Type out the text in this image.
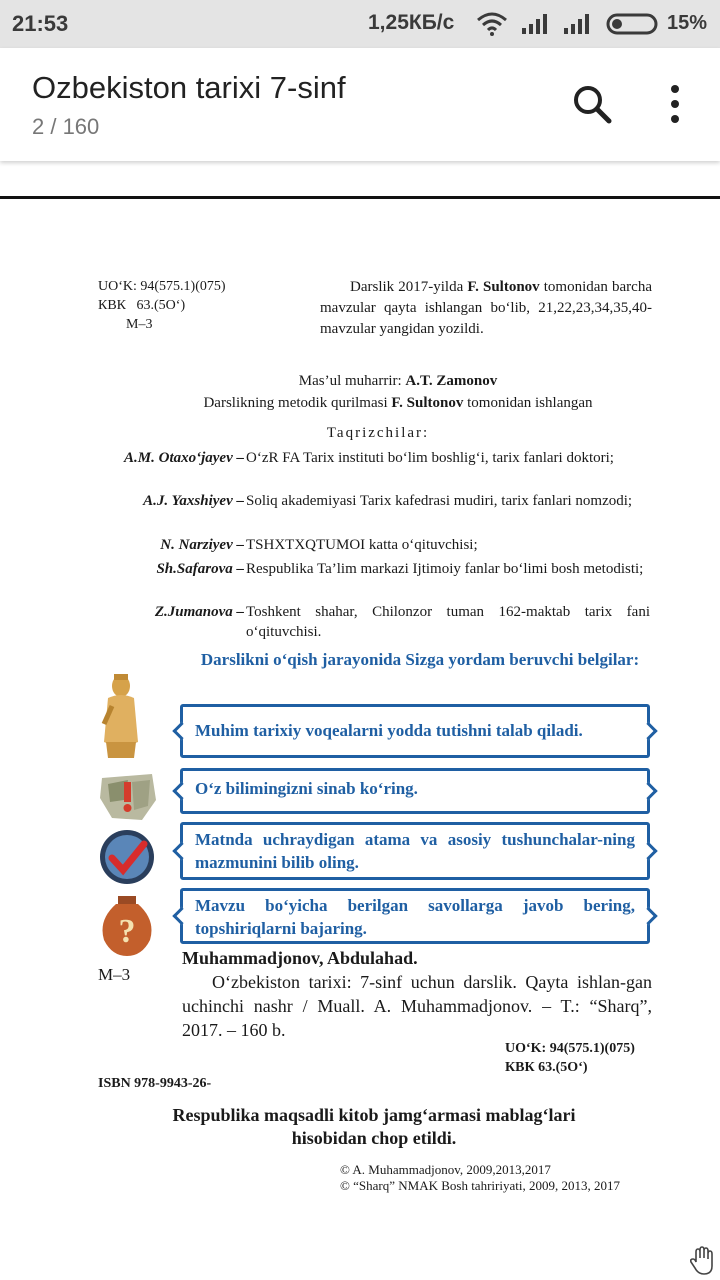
21:53	1,25КБ/с	15%
Ozbekiston tarixi 7-sinf
2 / 160
UO‘K: 94(575.1)(075)
КВК   63.(5O‘)
M–3
Darslik 2017-yilda F. Sultonov tomonidan barcha mavzular qayta ishlangan bo‘lib, 21,22,23,34,35,40-mavzular yangidan yozildi.
Mas’ul muharrir: A.T. Zamonov
Darslikning metodik qurilmasi F. Sultonov tomonidan ishlangan
Taqrizchilar:
A.M. Otaxo‘jayev – O‘zR FA Tarix instituti bo‘lim boshlig‘i, tarix fanlari doktori;
A.J. Yaxshiyev – Soliq akademiyasi Tarix kafedrasi mudiri, tarix fanlari nomzodi;
N. Narziyev – TSHXTXQTUMOI katta o‘qituvchisi;
Sh.Safarova – Respublika Ta’lim markazi Ijtimoiy fanlar bo‘limi bosh metodisti;
Z.Jumanova – Toshkent shahar, Chilonzor tuman 162-maktab tarix fani o‘qituvchisi.
Darslikni o‘qish jarayonida Sizga yordam beruvchi belgilar:
?
Muhim tarixiy voqealarni yodda tutishni talab qiladi.
O‘z bilimingizni sinab ko‘ring.
Matnda uchraydigan atama va asosiy tushunchalar-ning mazmunini bilib oling.
Mavzu bo‘yicha berilgan savollarga javob bering, topshiriqlarni bajaring.
Muhammadjonov, Abdulahad.
O‘zbekiston tarixi: 7-sinf uchun darslik. Qayta ishlan-gan uchinchi nashr / Muall. A. Muhammadjonov. – T.: “Sharq”, 2017. – 160 b.
M–3
UO‘K: 94(575.1)(075)
КВК 63.(5O‘)
ISBN 978-9943-26-
Respublika maqsadli kitob jamg‘armasi mablag‘lari
hisobidan chop etildi.
© A. Muhammadjonov, 2009,2013,2017
© “Sharq” NMAK Bosh tahririyati, 2009, 2013, 2017
